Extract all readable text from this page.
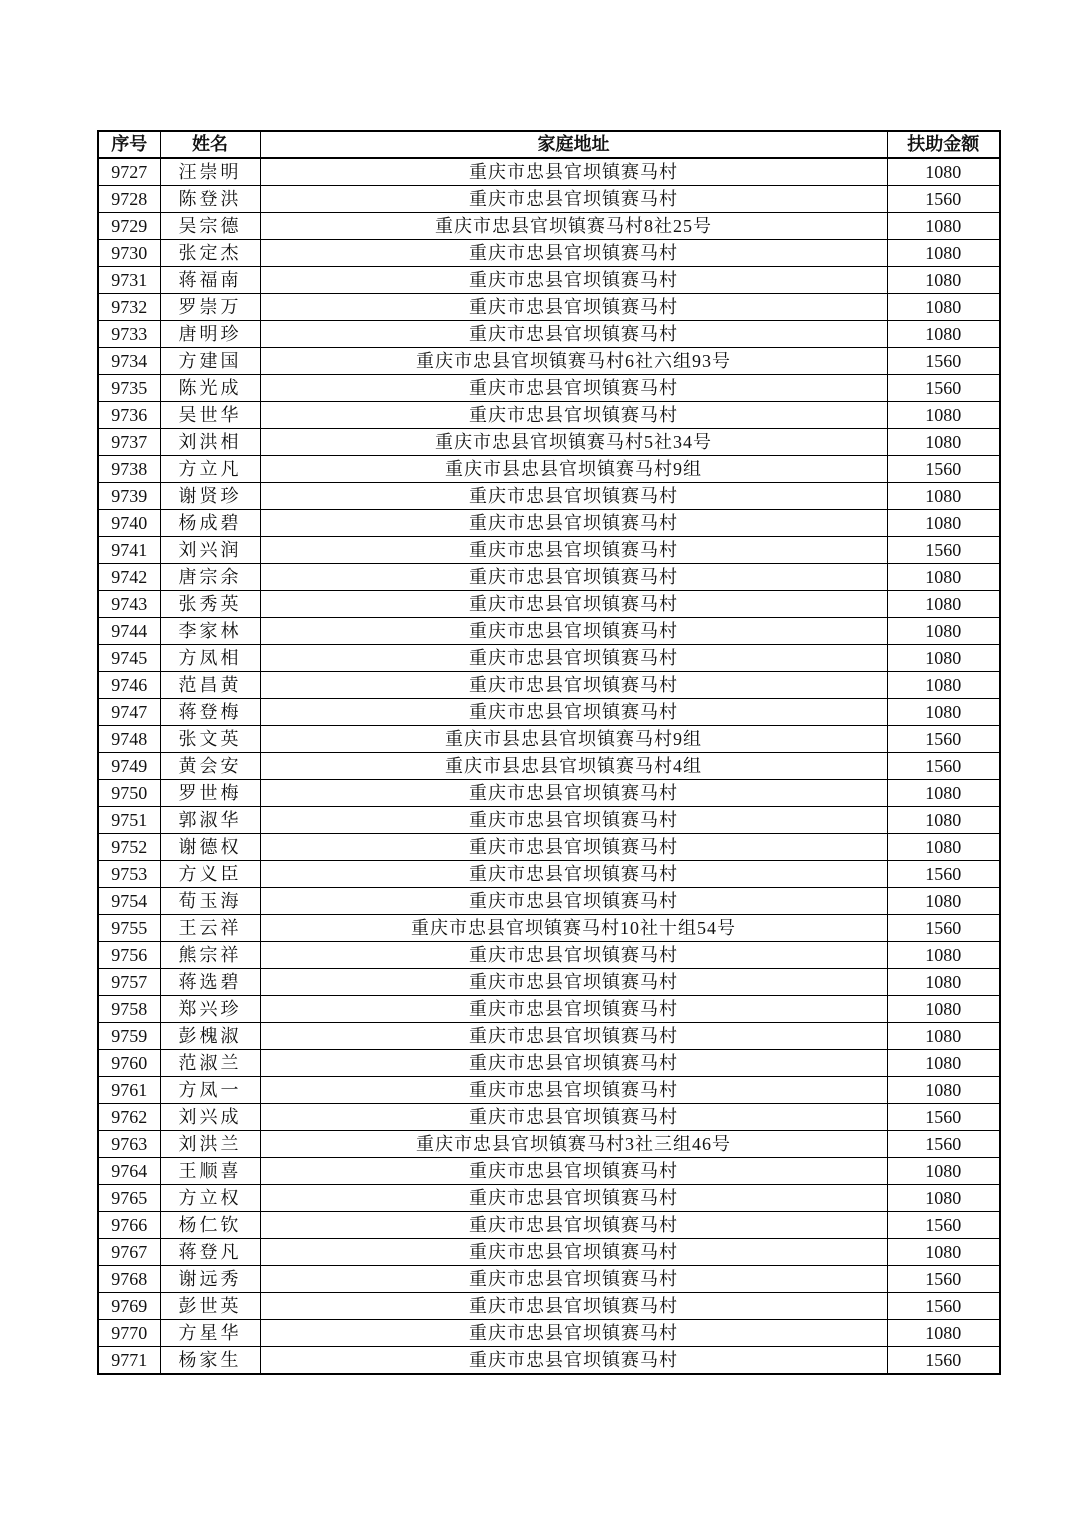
序号	姓名	家庭地址	扶助金额
9727	汪崇明	重庆市忠县官坝镇赛马村	1080
9728	陈登洪	重庆市忠县官坝镇赛马村	1560
9729	吴宗德	重庆市忠县官坝镇赛马村8社25号	1080
9730	张定杰	重庆市忠县官坝镇赛马村	1080
9731	蒋福南	重庆市忠县官坝镇赛马村	1080
9732	罗崇万	重庆市忠县官坝镇赛马村	1080
9733	唐明珍	重庆市忠县官坝镇赛马村	1080
9734	方建国	重庆市忠县官坝镇赛马村6社六组93号	1560
9735	陈光成	重庆市忠县官坝镇赛马村	1560
9736	吴世华	重庆市忠县官坝镇赛马村	1080
9737	刘洪相	重庆市忠县官坝镇赛马村5社34号	1080
9738	方立凡	重庆市县忠县官坝镇赛马村9组	1560
9739	谢贤珍	重庆市忠县官坝镇赛马村	1080
9740	杨成碧	重庆市忠县官坝镇赛马村	1080
9741	刘兴润	重庆市忠县官坝镇赛马村	1560
9742	唐宗余	重庆市忠县官坝镇赛马村	1080
9743	张秀英	重庆市忠县官坝镇赛马村	1080
9744	李家林	重庆市忠县官坝镇赛马村	1080
9745	方凤相	重庆市忠县官坝镇赛马村	1080
9746	范昌黄	重庆市忠县官坝镇赛马村	1080
9747	蒋登梅	重庆市忠县官坝镇赛马村	1080
9748	张文英	重庆市县忠县官坝镇赛马村9组	1560
9749	黄会安	重庆市县忠县官坝镇赛马村4组	1560
9750	罗世梅	重庆市忠县官坝镇赛马村	1080
9751	郭淑华	重庆市忠县官坝镇赛马村	1080
9752	谢德权	重庆市忠县官坝镇赛马村	1080
9753	方义臣	重庆市忠县官坝镇赛马村	1560
9754	荀玉海	重庆市忠县官坝镇赛马村	1080
9755	王云祥	重庆市忠县官坝镇赛马村10社十组54号	1560
9756	熊宗祥	重庆市忠县官坝镇赛马村	1080
9757	蒋选碧	重庆市忠县官坝镇赛马村	1080
9758	郑兴珍	重庆市忠县官坝镇赛马村	1080
9759	彭槐淑	重庆市忠县官坝镇赛马村	1080
9760	范淑兰	重庆市忠县官坝镇赛马村	1080
9761	方凤一	重庆市忠县官坝镇赛马村	1080
9762	刘兴成	重庆市忠县官坝镇赛马村	1560
9763	刘洪兰	重庆市忠县官坝镇赛马村3社三组46号	1560
9764	王顺喜	重庆市忠县官坝镇赛马村	1080
9765	方立权	重庆市忠县官坝镇赛马村	1080
9766	杨仁钦	重庆市忠县官坝镇赛马村	1560
9767	蒋登凡	重庆市忠县官坝镇赛马村	1080
9768	谢远秀	重庆市忠县官坝镇赛马村	1560
9769	彭世英	重庆市忠县官坝镇赛马村	1560
9770	方星华	重庆市忠县官坝镇赛马村	1080
9771	杨家生	重庆市忠县官坝镇赛马村	1560
